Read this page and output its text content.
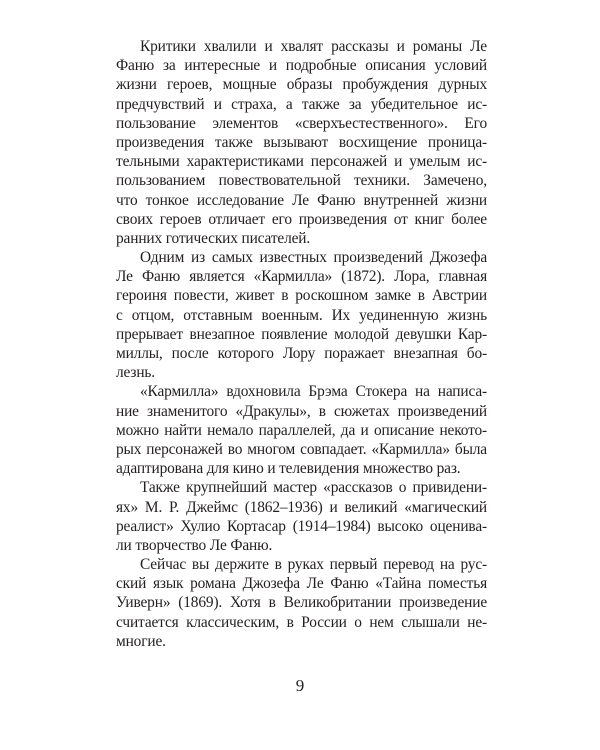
Критики хвалили и хвалят рассказы и романы Ле
Фаню за интересные и подробные описания условий
жизни героев, мощные образы пробуждения дурных
предчувствий и страха, а также за убедительное ис-
пользование элементов «сверхъестественного». Его
произведения также вызывают восхищение проница-
тельными характеристиками персонажей и умелым ис-
пользованием повествовательной техники. Замечено,
что тонкое исследование Ле Фаню внутренней жизни
своих героев отличает его произведения от книг более
ранних готических писателей.
Одним из самых известных произведений Джозефа
Ле Фаню является «Кармилла» (1872). Лора, главная
героиня повести, живет в роскошном замке в Австрии
с отцом, отставным военным. Их уединенную жизнь
прерывает внезапное появление молодой девушки Кар-
миллы, после которого Лору поражает внезапная бо-
лезнь.
«Кармилла» вдохновила Брэма Стокера на написа-
ние знаменитого «Дракулы», в сюжетах произведений
можно найти немало параллелей, да и описание некото-
рых персонажей во многом совпадает. «Кармилла» была
адаптирована для кино и телевидения множество раз.
Также крупнейший мастер «рассказов о привидени-
ях» М. Р. Джеймс (1862–1936) и великий «магический
реалист» Хулио Кортасар (1914–1984) высоко оценива-
ли творчество Ле Фаню.
Сейчас вы держите в руках первый перевод на рус-
ский язык романа Джозефа Ле Фаню «Тайна поместья
Уиверн» (1869). Хотя в Великобритании произведение
считается классическим, в России о нем слышали не-
многие.
9
